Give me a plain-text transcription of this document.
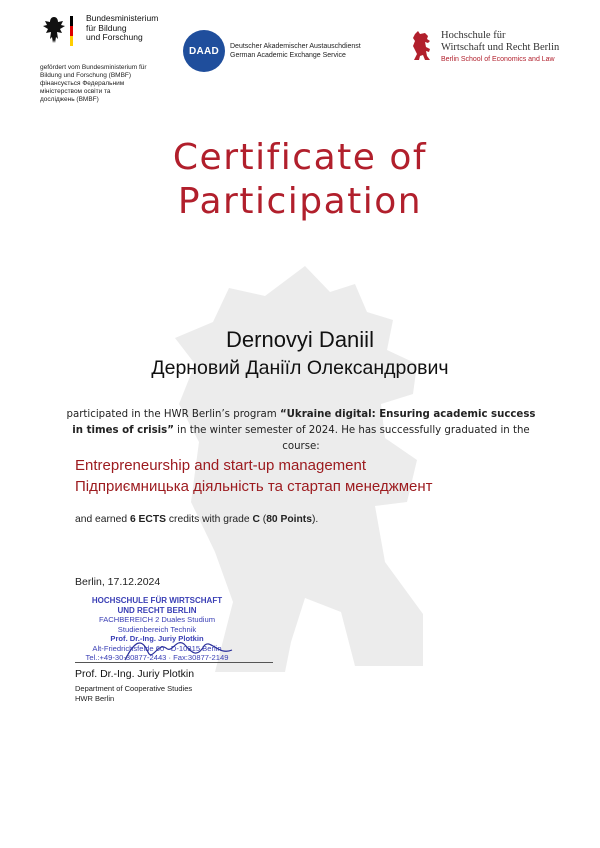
Bundesministerium
für Bildung
und Forschung
gefördert vom Bundesministerium für
Bildung und Forschung (BMBF)
фінансується Федеральним
міністерством освіти та
досліджень (BMBF)
DAAD	Deutscher Akademischer Austauschdienst
German Academic Exchange Service
Hochschule für
Wirtschaft und Recht Berlin
Berlin School of Economics and Law
Certificate of
Participation
Dernovyi Daniil
Дерновий Даніїл Олександрович
participated in the HWR Berlin’s program “Ukraine digital: Ensuring academic success in times of crisis” in the winter semester of 2024. He has successfully graduated in the course:
Entrepreneurship and start-up management
Підприємницька діяльність та стартап менеджмент
and earned 6 ECTS credits with grade C (80 Points).
Berlin, 17.12.2024
HOCHSCHULE FÜR WIRTSCHAFT
UND RECHT BERLIN
FACHBEREICH 2 Duales Studium
Studienbereich Technik
Prof. Dr.-Ing. Juriy Plotkin
Alt-Friedrichsfelde 60 · D-10315 Berlin
Tel.:+49-30-30877-2443 · Fax:30877-2149
Prof. Dr.-Ing. Juriy Plotkin
Department of Cooperative Studies
HWR Berlin
